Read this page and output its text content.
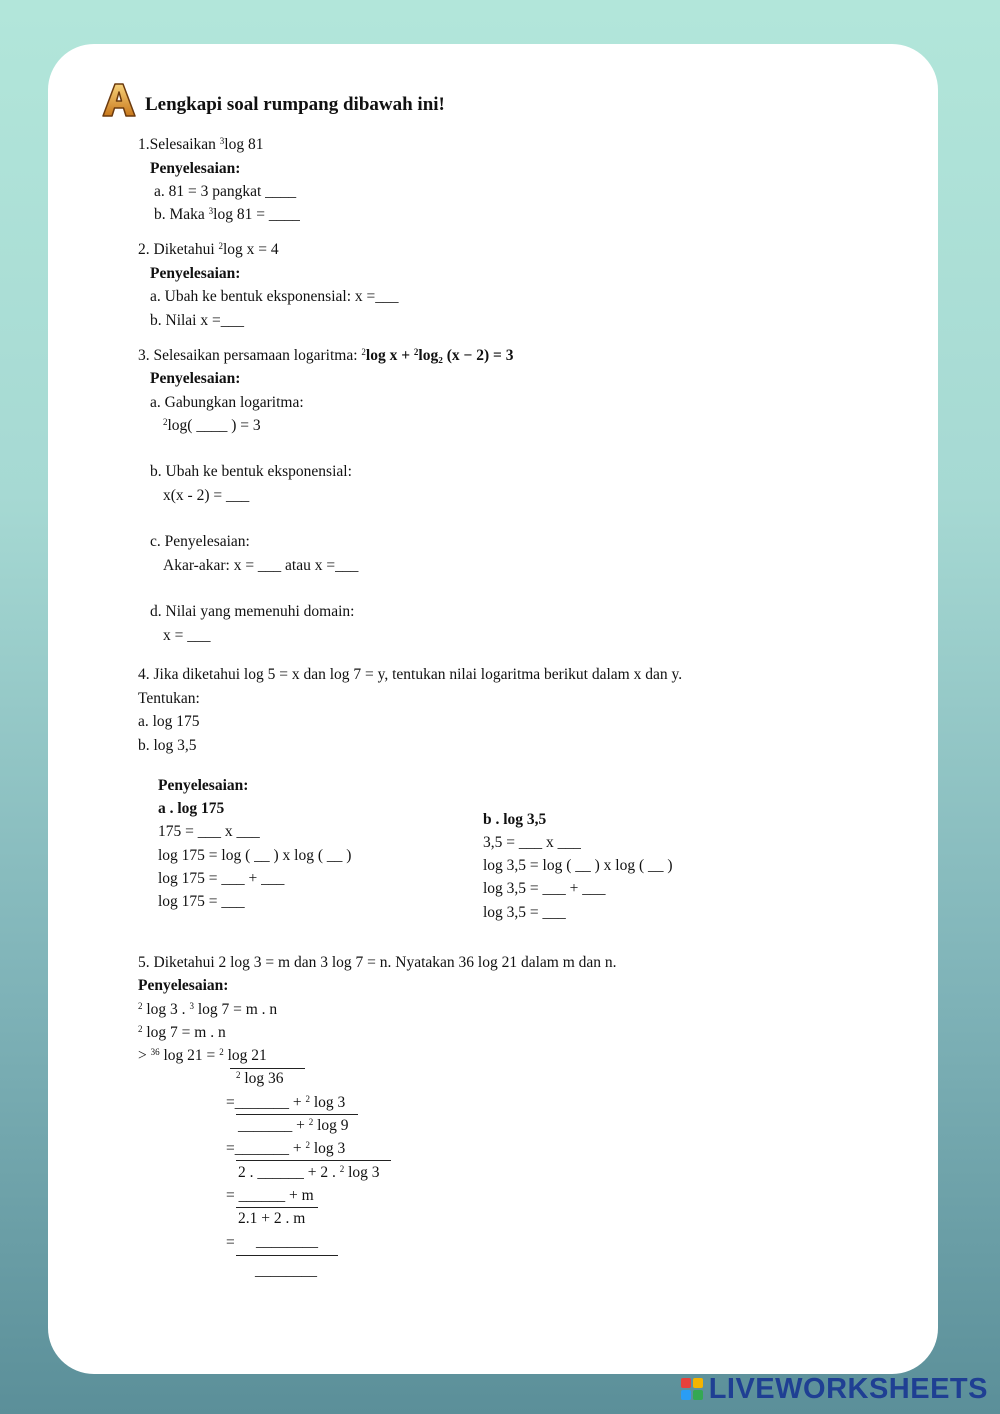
Lengkapi soal rumpang dibawah ini!
1.Selesaikan $^3$log 81
Penyelesaian:
a. 81 = 3 pangkat ____
b. Maka $^3$log 81 = ____
2. Diketahui $^2$log x = 4
Penyelesaian:
a. Ubah ke bentuk eksponensial: x =___
b. Nilai x =___
3. Selesaikan persamaan logaritma: $^2$log x + $^2$log₂ (x − 2) = 3
Penyelesaian:
a. Gabungkan logaritma:
$^2$log( ____ ) = 3
b. Ubah ke bentuk eksponensial:
x(x - 2) = ___
c. Penyelesaian:
Akar-akar: x = ___ atau x =___
d. Nilai yang memenuhi domain:
x = ___
4. Jika diketahui log 5 = x dan log 7 = y, tentukan nilai logaritma berikut dalam x dan y.
Tentukan:
a. log 175
b. log 3,5
Penyelesaian:
a . log 175
175 = ___ x ___
log 175 = log ( __ ) x log ( __ )
log 175 = ___ + ___
log 175 = ___
b . log 3,5
3,5 = ___ x ___
log 3,5 = log ( __ ) x log ( __ )
log 3,5 = ___ + ___
log 3,5 = ___
5. Diketahui 2 log 3 = m dan 3 log 7 = n. Nyatakan 36 log 21 dalam m dan n.
Penyelesaian:
$^2$ log 3 . $^3$ log 7 = m . n
$^2$ log 7 = m . n
> $^{36}$ log 21 = $^2$ log 21
$^2$ log 36
=_______ + $^2$ log 3
_______ + $^2$ log 9
=_______ + $^2$ log 3
2 . ______ + 2 . $^2$ log 3
= ______ + m
2.1 + 2 . m
= ________
________
LIVEWORKSHEETS
